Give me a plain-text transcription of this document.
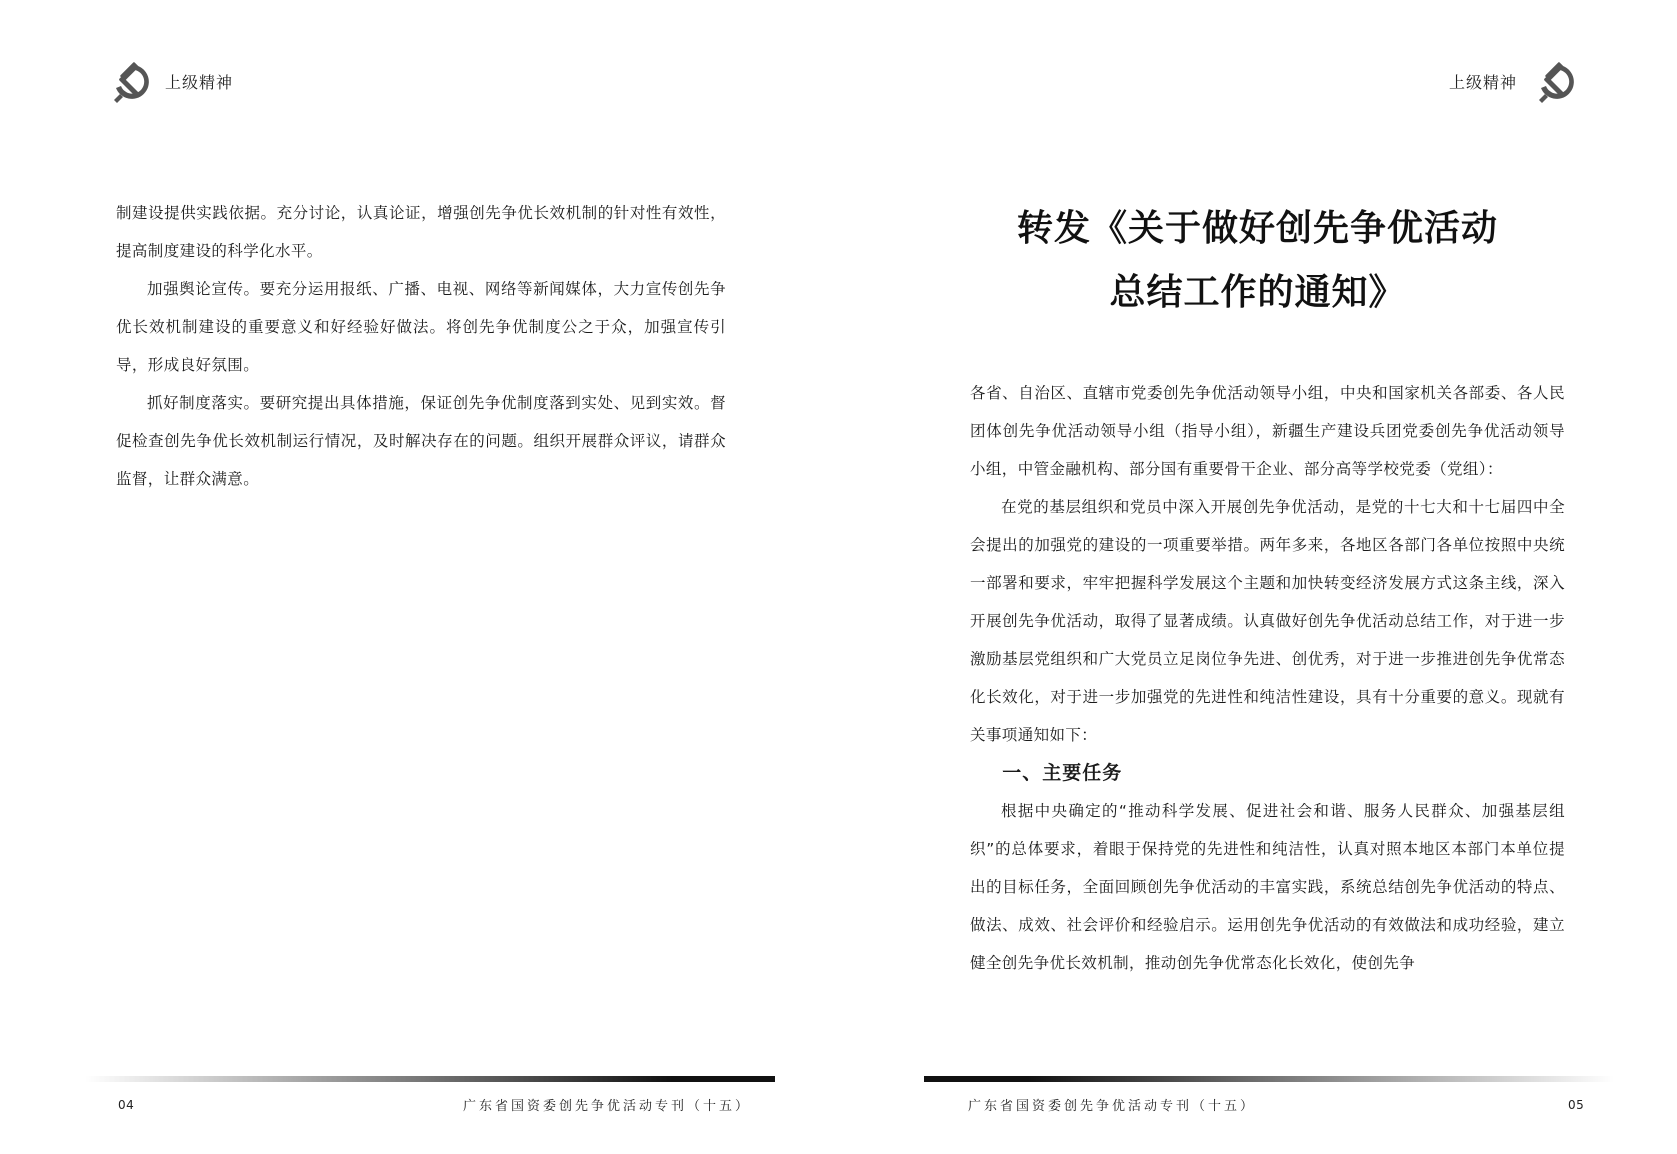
上级精神

制建设提供实践依据。充分讨论，认真论证，增强创先争优长效机制的针对性有效性，提高制度建设的科学化水平。

加强舆论宣传。要充分运用报纸、广播、电视、网络等新闻媒体，大力宣传创先争优长效机制建设的重要意义和好经验好做法。将创先争优制度公之于众，加强宣传引导，形成良好氛围。

抓好制度落实。要研究提出具体措施，保证创先争优制度落到实处、见到实效。督促检查创先争优长效机制运行情况，及时解决存在的问题。组织开展群众评议，请群众监督，让群众满意。

04	广东省国资委创先争优活动专刊（十五）
上级精神
转发《关于做好创先争优活动
总结工作的通知》

各省、自治区、直辖市党委创先争优活动领导小组，中央和国家机关各部委、各人民团体创先争优活动领导小组（指导小组），新疆生产建设兵团党委创先争优活动领导小组，中管金融机构、部分国有重要骨干企业、部分高等学校党委（党组）：

在党的基层组织和党员中深入开展创先争优活动，是党的十七大和十七届四中全会提出的加强党的建设的一项重要举措。两年多来，各地区各部门各单位按照中央统一部署和要求，牢牢把握科学发展这个主题和加快转变经济发展方式这条主线，深入开展创先争优活动，取得了显著成绩。认真做好创先争优活动总结工作，对于进一步激励基层党组织和广大党员立足岗位争先进、创优秀，对于进一步推进创先争优常态化长效化，对于进一步加强党的先进性和纯洁性建设，具有十分重要的意义。现就有关事项通知如下：

一、主要任务

根据中央确定的“推动科学发展、促进社会和谐、服务人民群众、加强基层组织”的总体要求，着眼于保持党的先进性和纯洁性，认真对照本地区本部门本单位提出的目标任务，全面回顾创先争优活动的丰富实践，系统总结创先争优活动的特点、做法、成效、社会评价和经验启示。运用创先争优活动的有效做法和成功经验，建立健全创先争优长效机制，推动创先争优常态化长效化，使创先争

广东省国资委创先争优活动专刊（十五）	05
